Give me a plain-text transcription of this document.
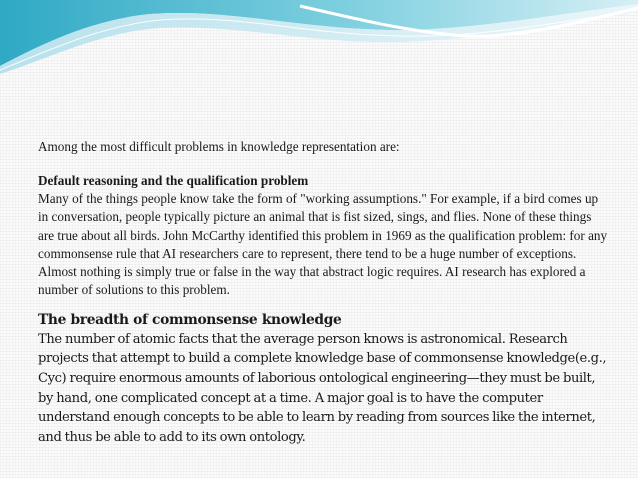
Among the most difficult problems in knowledge representation are:

Default reasoning and the qualification problem

Many of the things people know take the form of "working assumptions." For example, if a bird comes up in conversation, people typically picture an animal that is fist sized, sings, and flies. None of these things are true about all birds. John McCarthy identified this problem in 1969 as the qualification problem: for any commonsense rule that AI researchers care to represent, there tend to be a huge number of exceptions. Almost nothing is simply true or false in the way that abstract logic requires. AI research has explored a number of solutions to this problem.

The breadth of commonsense knowledge

The number of atomic facts that the average person knows is astronomical. Research projects that attempt to build a complete knowledge base of commonsense knowledge(e.g., Cyc) require enormous amounts of laborious ontological engineering—they must be built, by hand, one complicated concept at a time. A major goal is to have the computer understand enough concepts to be able to learn by reading from sources like the internet, and thus be able to add to its own ontology.
